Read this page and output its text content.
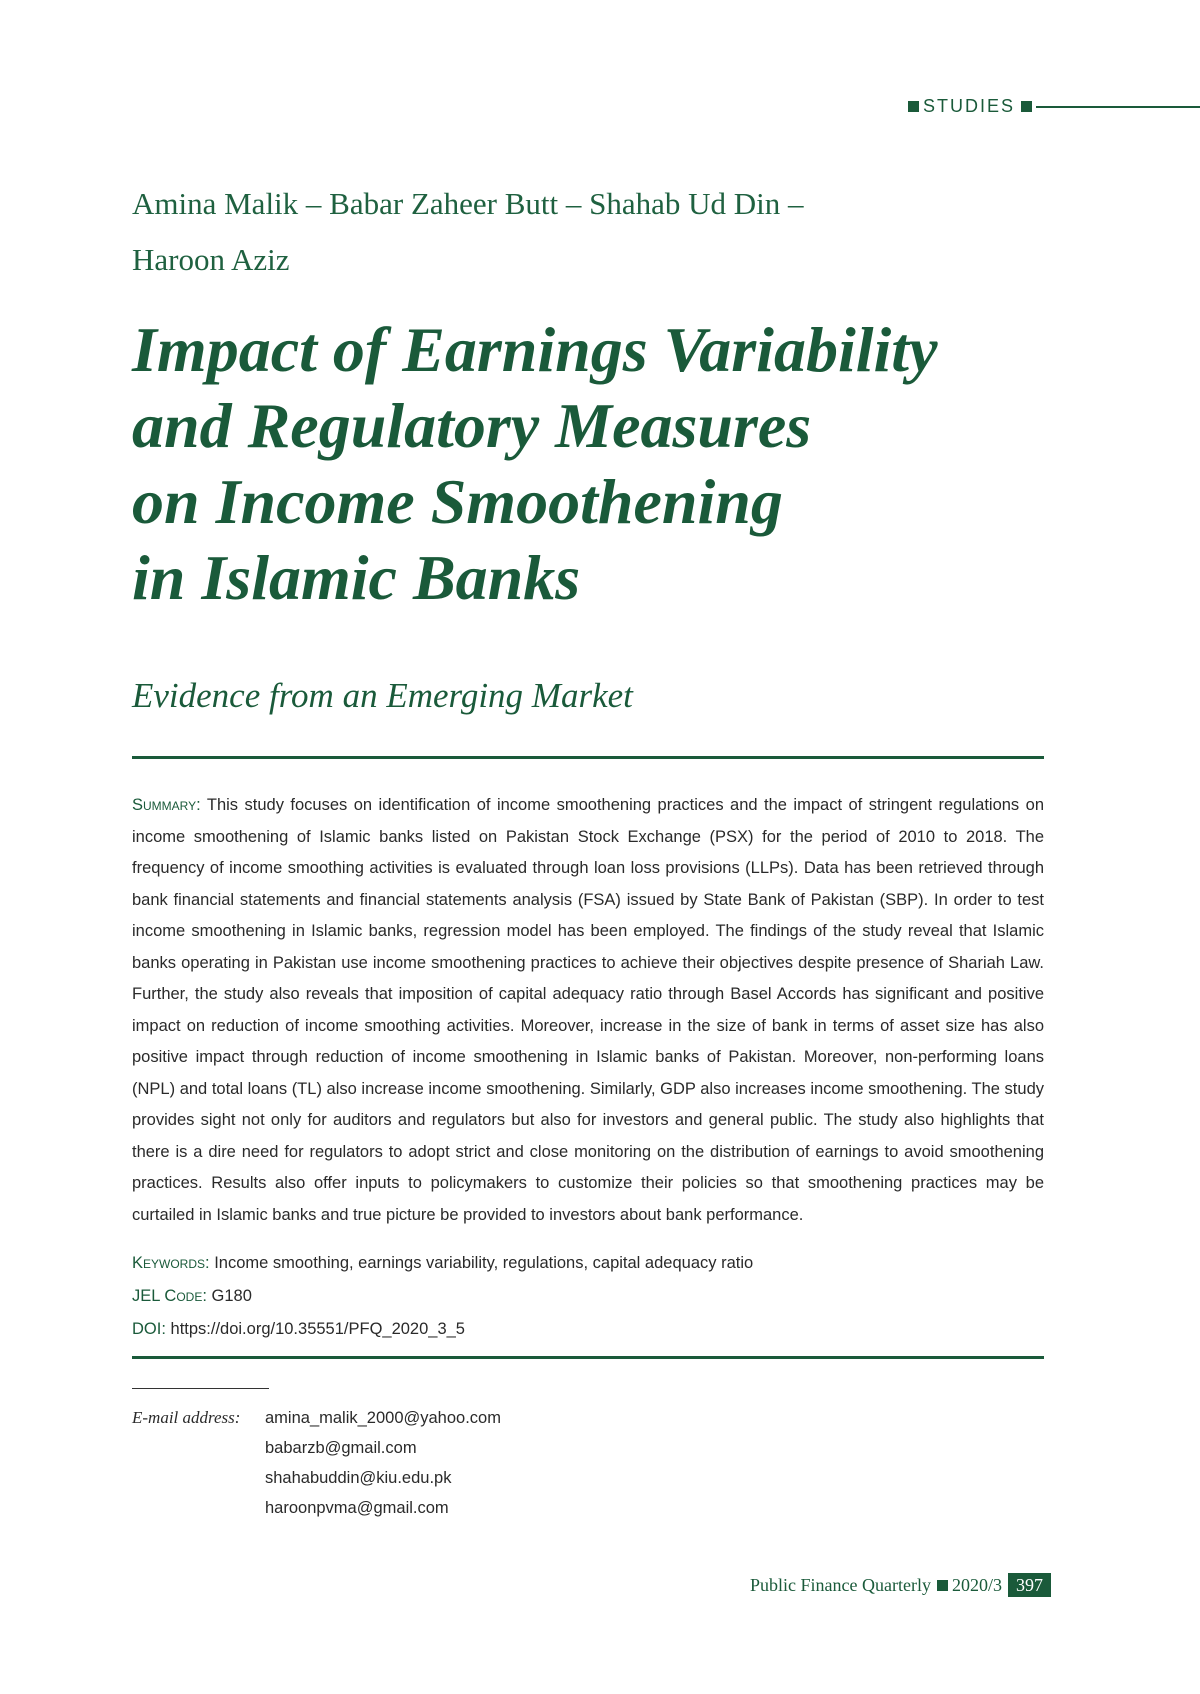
STUDIES
Amina Malik – Babar Zaheer Butt – Shahab Ud Din –
Haroon Aziz
Impact of Earnings Variability
and Regulatory Measures
on Income Smoothening
in Islamic Banks
Evidence from an Emerging Market
Summary: This study focuses on identification of income smoothening practices and the impact of stringent regulations on income smoothening of Islamic banks listed on Pakistan Stock Exchange (PSX) for the period of 2010 to 2018. The frequency of income smoothing activities is evaluated through loan loss provisions (LLPs). Data has been retrieved through bank financial statements and financial statements analysis (FSA) issued by State Bank of Pakistan (SBP). In order to test income smoothening in Islamic banks, regression model has been employed. The findings of the study reveal that Islamic banks operating in Pakistan use income smoothening practices to achieve their objectives despite presence of Shariah Law. Further, the study also reveals that imposition of capital adequacy ratio through Basel Accords has significant and positive impact on reduction of income smoothing activities. Moreover, increase in the size of bank in terms of asset size has also positive impact through reduction of income smoothening in Islamic banks of Pakistan. Moreover, non-performing loans (NPL) and total loans (TL) also increase income smoothening. Similarly, GDP also increases income smoothening. The study provides sight not only for auditors and regulators but also for investors and general public. The study also highlights that there is a dire need for regulators to adopt strict and close monitoring on the distribution of earnings to avoid smoothening practices. Results also offer inputs to policymakers to customize their policies so that smoothening practices may be curtailed in Islamic banks and true picture be provided to investors about bank performance.
Keywords: Income smoothing, earnings variability, regulations, capital adequacy ratio
JEL Code: G180
DOI: https://doi.org/10.35551/PFQ_2020_3_5
E-mail address:	amina_malik_2000@yahoo.com
babarzb@gmail.com
shahabuddin@kiu.edu.pk
haroonpvma@gmail.com
Public Finance Quarterly 2020/3 397
